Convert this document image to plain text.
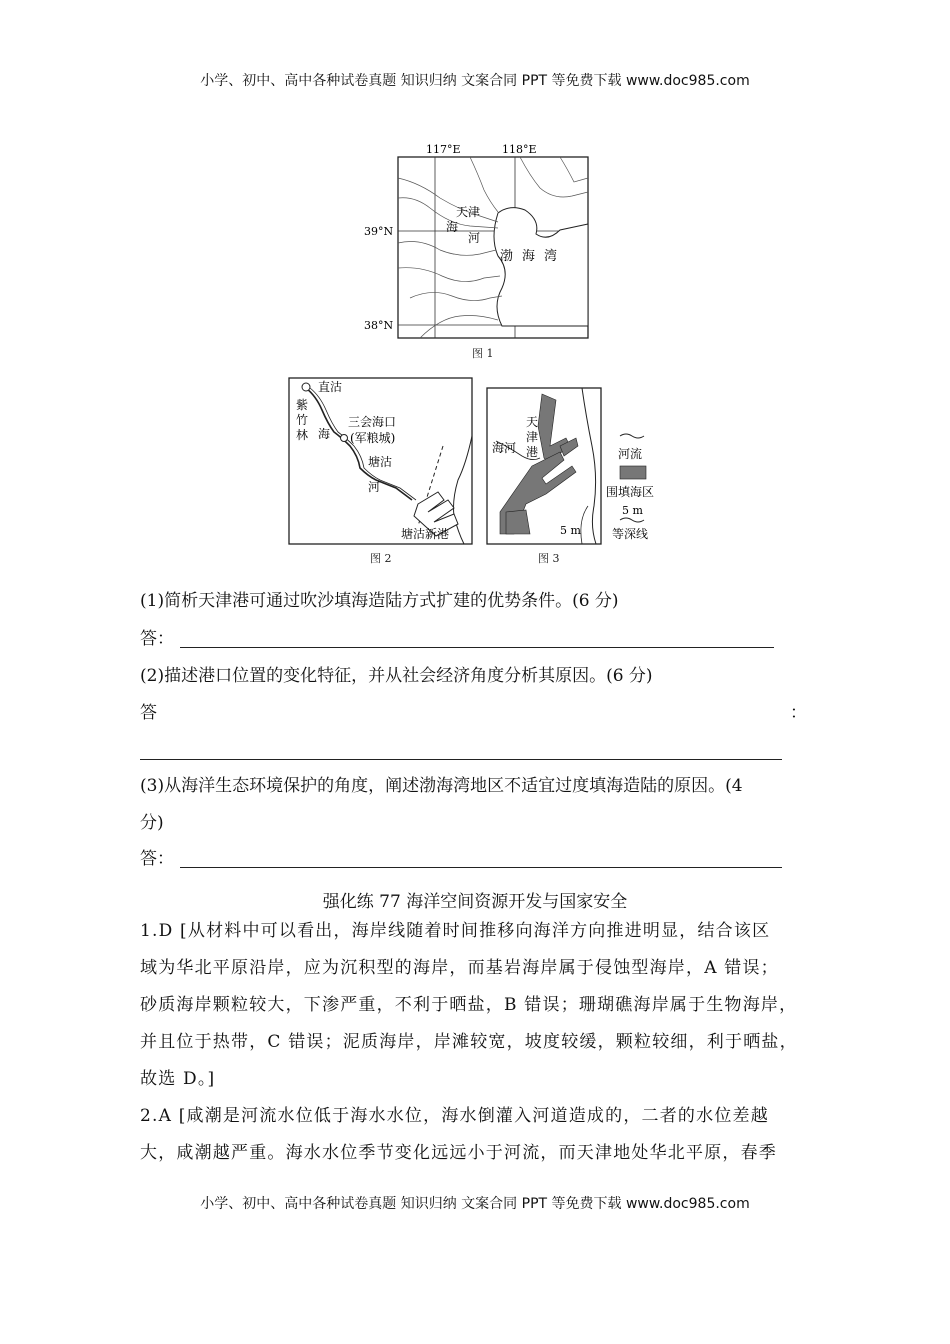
小学、初中、高中各种试卷真题 知识归纳 文案合同 PPT 等免费下载 www.doc985.com
117°E	118°E
39°N
38°N
天津
海
河
渤 海 湾
图 1
直沽
紫
竹
林 海
三会海口
(军粮城)
塘沽
河
塘沽新港
图 2
天
津
港
海河
5 m
图 3
河流
围填海区
5 m
等深线
(1)简析天津港可通过吹沙填海造陆方式扩建的优势条件。(6 分)
答：
(2)描述港口位置的变化特征，并从社会经济角度分析其原因。(6 分)
答	：
(3)从海洋生态环境保护的角度，阐述渤海湾地区不适宜过度填海造陆的原因。(4
分)
答：
强化练 77 海洋空间资源开发与国家安全

1.D [从材料中可以看出，海岸线随着时间推移向海洋方向推进明显，结合该区

域为华北平原沿岸，应为沉积型的海岸，而基岩海岸属于侵蚀型海岸，A 错误；

砂质海岸颗粒较大，下渗严重，不利于晒盐，B 错误；珊瑚礁海岸属于生物海岸，

并且位于热带，C 错误；泥质海岸，岸滩较宽，坡度较缓，颗粒较细，利于晒盐，

故选 D。]

2.A [咸潮是河流水位低于海水水位，海水倒灌入河道造成的，二者的水位差越

大，咸潮越严重。海水水位季节变化远远小于河流，而天津地处华北平原，春季

小学、初中、高中各种试卷真题 知识归纳 文案合同 PPT 等免费下载 www.doc985.com
